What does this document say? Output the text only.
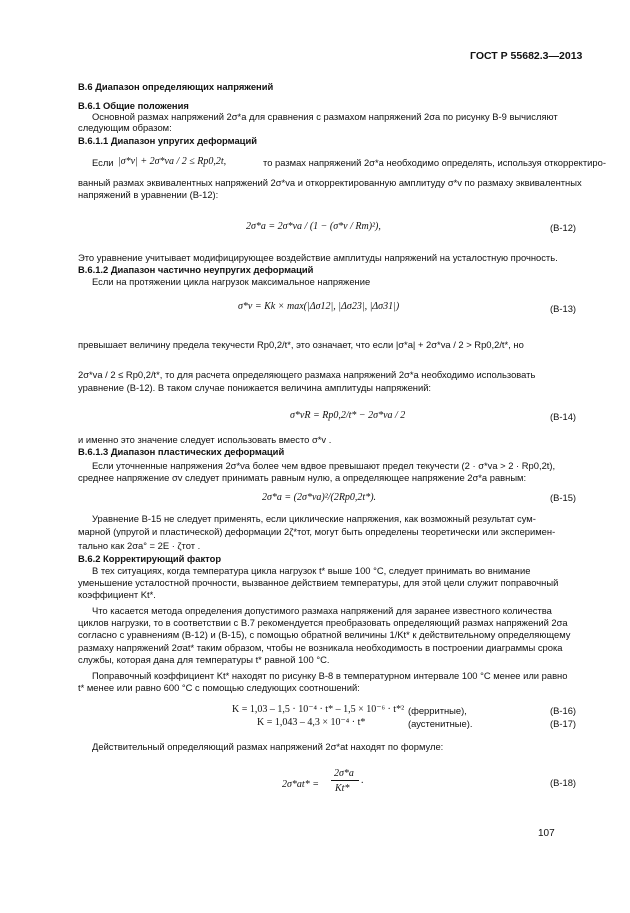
ГОСТ Р 55682.3—2013
В.6 Диапазон определяющих напряжений
В.6.1 Общие положения
Основной размах напряжений 2σ*а для сравнения с размахом напряжений 2σа по рисунку В-9 вычисляют
следующим образом:
В.6.1.1 Диапазон упругих деформаций
Если |σ*v| + 2σ*va / 2 ≤ Rp0,2t,	то размах напряжений 2σ*а необходимо определять, используя откорректиро-
ванный размах эквивалентных напряжений 2σ*va и откорректированную амплитуду σ*v по размаху эквивалентных
напряжений в уравнении (В-12):
2σ*a = 2σ*va / (1 − (σ*v / Rm)²),	(В-12)
Это уравнение учитывает модифицирующее воздействие амплитуды напряжений на усталостную прочность.
В.6.1.2 Диапазон частично неупругих деформаций
Если на протяжении цикла нагрузок максимальное напряжение
σ*v = Kk × max(|Δσ12|, |Δσ23|, |Δσ31|)	(В-13)
превышает величину предела текучести Rp0,2/t*, это означает, что если |σ*a| + 2σ*va / 2 > Rp0,2/t*, но
2σ*va / 2 ≤ Rp0,2/t*, то для расчета определяющего размаха напряжений 2σ*а необходимо использовать
уравнение (В-12). В таком случае понижается величина амплитуды напряжений:
σ*vR = Rp0,2/t* − 2σ*va / 2	(В-14)
и именно это значение следует использовать вместо σ*v .
В.6.1.3 Диапазон пластических деформаций
Если уточненные напряжения 2σ*va более чем вдвое превышают предел текучести (2 · σ*va > 2 · Rp0,2t),
среднее напряжение σv следует принимать равным нулю, а определяющее напряжение 2σ*а равным:
2σ*a = (2σ*va)²/(2Rp0,2t*).	(В-15)
Уравнение В-15 не следует применять, если циклические напряжения, как возможный результат сум-
марной (упругой и пластической) деформации 2ζ*тот, могут быть определены теоретически или эксперимен-
тально как 2σa° = 2E · ζтот .
В.6.2 Корректирующий фактор
В тех ситуациях, когда температура цикла нагрузок t* выше 100 °С, следует принимать во внимание
уменьшение усталостной прочности, вызванное действием температуры, для этой цели служит поправочный
коэффициент Kt*.
Что касается метода определения допустимого размаха напряжений для заранее известного количества
циклов нагрузки, то в соответствии с В.7 рекомендуется преобразовать определяющий размах напряжений 2σa
согласно с уравнениям (В-12) и (В-15), с помощью обратной величины 1/Kt* к действительному определяющему
размаху напряжений 2σat* таким образом, чтобы не возникала необходимость в построении диаграммы срока
службы, которая дана для температуры t* равной 100 °С.
Поправочный коэффициент Kt* находят по рисунку В-8 в температурном интервале 100 °С менее или равно
t* менее или равно 600 °С с помощью следующих соотношений:
K = 1,03 – 1,5 · 10⁻⁴ · t* – 1,5 × 10⁻⁶ · t*² (ферритные),	(В-16)
K = 1,043 – 4,3 × 10⁻⁴ · t*	(аустенитные).	(В-17)
Действительный определяющий размах напряжений 2σ*at находят по формуле:
2σ*at* =
2σ*a
Kt*
.	(В-18)
107
